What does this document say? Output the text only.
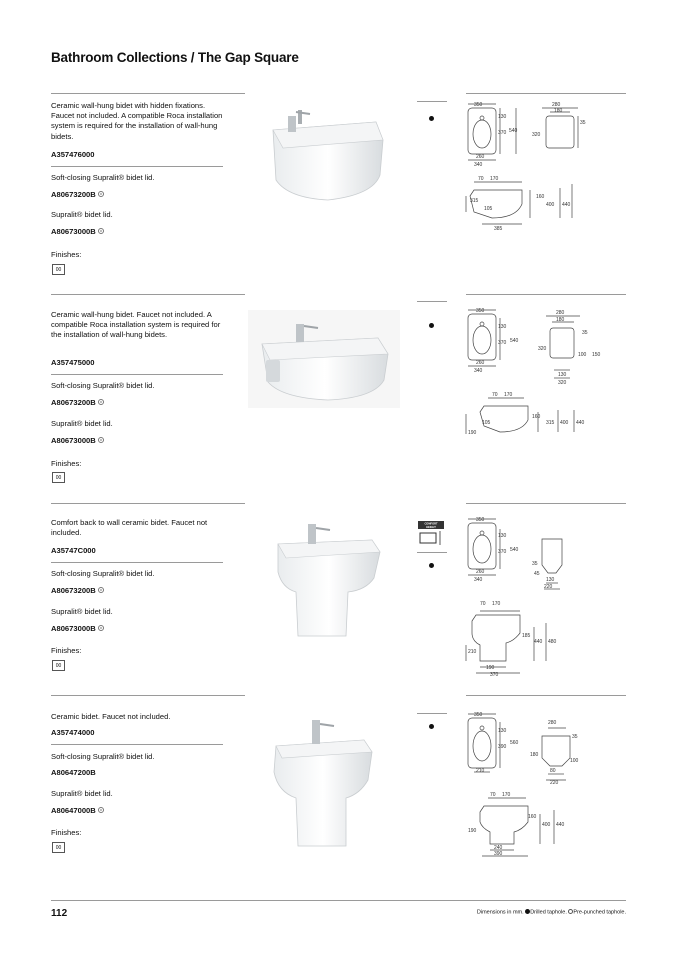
Bathroom Collections / The Gap Square
Ceramic wall-hung bidet with hidden fixations. Faucet not included. A compatible Roca installation system is required for the installation of wall-hung bidets.
A357476000
Soft-closing Supralit® bidet lid.
A80673200B
Supralit® bidet lid.
A80673000B
Finishes:
00
350
130
370 540
260
340
280
180
320
35
70 170
160
400 440
315
105
385
Ceramic wall-hung bidet. Faucet not included. A compatible Roca installation system is required for the installation of wall-hung bidets.
A357475000
Soft-closing Supralit® bidet lid.
A80673200B
Supralit® bidet lid.
A80673000B
Finishes:
00
350
130
370 540
260
340
280
180
35
320
100 150
130
320
70 170
160
315 400 440
190
105
Comfort back to wall ceramic bidet. Faucet not included.
A35747C000
Soft-closing Supralit® bidet lid.
A80673200B
Supralit® bidet lid.
A80673000B
Finishes:
00
COMFORT
HEIGHT
350
130
370 540
260
340
35
45
130
220
70 170
185
440 480
210
190
370
Ceramic bidet. Faucet not included.
A357474000
Soft-closing Supralit® bidet lid.
A80647200B
Supralit® bidet lid.
A80647000B
Finishes:
00
350
130
390
560
210
280
35
180
80
220
100
70 170
160
400 440
190
240
390
112	Dimensions in mm. Drilled taphole. Pre-punched taphole.
